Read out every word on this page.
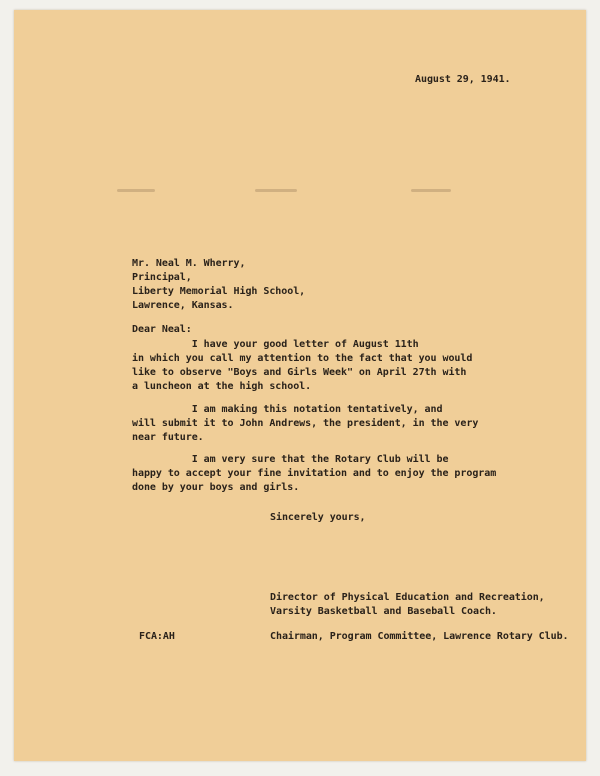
August 29, 1941.

Mr. Neal M. Wherry,

Principal,

Liberty Memorial High School,

Lawrence, Kansas.

Dear Neal:

I have your good letter of August 11th

in which you call my attention to the fact that you would

like to observe "Boys and Girls Week" on April 27th with

a luncheon at the high school.

I am making this notation tentatively, and

will submit it to John Andrews, the president, in the very

near future.

I am very sure that the Rotary Club will be

happy to accept your fine invitation and to enjoy the program

done by your boys and girls.

Sincerely yours,

Director of Physical Education and Recreation,

Varsity Basketball and Baseball Coach.

FCA:AH	Chairman, Program Committee, Lawrence Rotary Club.
